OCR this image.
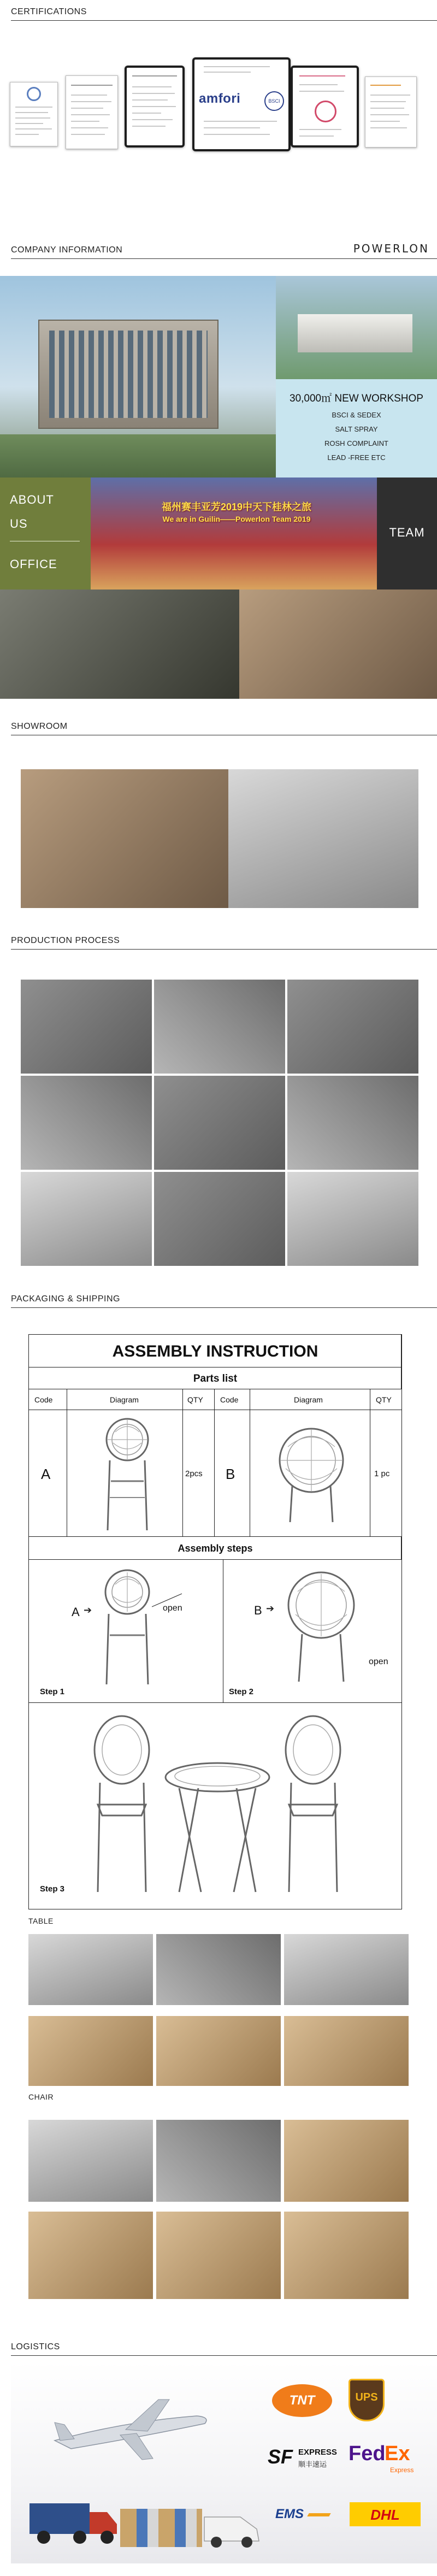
CERTIFICATIONS
amfori	BSCI
COMPANY INFORMATION	POWERLON
30,000㎡ NEW WORKSHOP
BSCI & SEDEX
SALT SPRAY
ROSH COMPLAINT
LEAD -FREE ETC
ABOUT
US
OFFICE
福州赛丰亚芳2019中天下桂林之旅
We are in Guilin——Powerlon Team 2019
TEAM
SHOWROOM
PRODUCTION PROCESS
PACKAGING & SHIPPING
ASSEMBLY INSTRUCTION
Parts list
Code	Diagram	QTY Code	Diagram	QTY
A	2pcs B	1 pc
Assembly steps
A ➔	open
Step 1
B ➔
open
Step 2
Step 3
TABLE
CHAIR
LOGISTICS
TNT	UPS
SF EXPRESS
顺丰速运 Fed
Ex
Express
EMS	DHL
